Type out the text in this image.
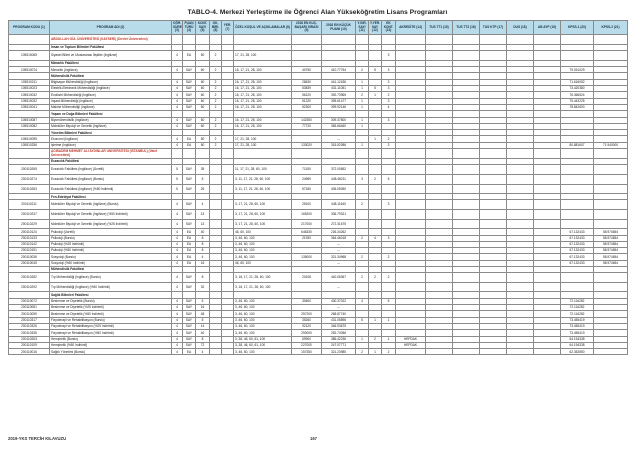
TABLO-4. Merkezi Yerleştirme ile Öğrenci Alan Yükseköğretim Lisans Programları
PROGRAM KODU (1)	PROGRAM ADI (2)	ÖĞR. SÜRE (3)	PUAN TÜRÜ (4)	KONT. SAYI (5)	OK. BİRİ. (6)	YER. (7)	ÖZEL KOŞUL VE AÇIKLAMALAR (8)	2018 EN KÜÇ. BAŞARI SIRASI (9)	2018 EN KÜÇÜK PUANI (10)	Y.GİR. SAYI (11)	Y.YER. SAY (12)	EK KONT. (13)	AKREDİTE (14)	TUS TT1 (15)	TUS TT2 (16)	TUS KTP (17)	DUS (18)	AB AYP (19)	KPSS-1 (20)	KPSS-2 (21)
	ABDULLAH GÜL ÜNİVERSİTESİ (KAYSERİ) (Devlet Üniversitesi)																			
	İnsan ve Toplum Bilimleri Fakültesi																			
105510065	Siyaset Bilimi ve Uluslararası İlişkiler (İngilizce)	4	EA	50	2		17, 21, 28, 100					3								
	Mimarlık Fakültesi																			
105510074	Mimarlık (İngilizce)	4	SAY	60	2		16, 17, 21, 28, 100	40750	410.77754	2	5	3							79.031029	
	Mühendislik Fakültesi																			
105510211	Bilgisayar Mühendisliği (İngilizce)	4	SAY	60	2		16, 17, 21, 28, 100	28630	441.12436	1		3							71.616052	
105510023	Elektrik-Elektronik Mühendisliği (İngilizce)	4	SAY	60	2		16, 17, 21, 28, 100	53839	431.11051	1	5	3							73.420380	
105510032	Endüstri Mühendisliği (İngilizce)	4	SAY	60	2		16, 17, 21, 28, 100	56120	392.73965	2	1	2							76.366524	
105510032	İnşaat Mühendisliği (İngilizce)	4	SAY	60	2		16, 17, 21, 28, 100	51220	395.61477	1		3							75.443225	
105510041	Makine Mühendisliği (İngilizce)	4	SAY	60	2		16, 17, 21, 28, 100	52300	399.92146	1		4							78.842600	
	Yaşam ve Doğa Bilimleri Fakültesi																			
105510087	Biyomühendislik (İngilizce)	4	SAY	60	2		16, 17, 21, 28, 100	142350	309.37800	1		3								
105510082	Moleküler Biyoloji ve Genetik (İngilizce)	4	SAY	60	2		16, 17, 21, 28, 100	77720	365.66460	1										
	Yönetim Bilimleri Fakültesi																			
105510095	Ekonomi (İngilizce)	4	EA	50	2		17, 21, 28, 100		---		1	2								
105510256	İşletme (İngilizce)	4	EA	60	2		17, 21, 28, 100	133020	315.52086	1		3							80.881607	71.940000
	ACIBADEM MEHMET ALİ AYDINLAR ÜNİVERSİTESİ (İSTANBUL) (Vakıf Üniversitesi)																			
	Eczacılık Fakültesi																			
200110265	Eczacılık Fakültesi (İngilizce) (Ücretli)	5	SAY	35			11, 17, 21, 28, 60, 100	71150	372.00652											
200110274	Eczacılık Fakültesi (İngilizce) (Burslu)	5	SAY	5			3, 11, 17, 21, 28, 60, 100	24969	448.48211	3	2	5								
200110283	Eczacılık Fakültesi (İngilizce) (%50 İndirimli)	5	SAY	25			3, 11, 17, 21, 28, 60, 100	57180	405.05050											
	Fen-Edebiyat Fakültesi																			
200110211	Moleküler Biyoloji ve Genetik (İngilizce) (Burslu)	4	SAY	4			3, 17, 21, 28, 60, 100	25100	448.11640	2		3								
200110237	Moleküler Biyoloji ve Genetik (İngilizce) (%50 İndirimli)	4	SAY	13			3, 17, 21, 28, 60, 100	165200	336.79321											
200110229	Moleküler Biyoloji ve Genetik (İngilizce) (%25 İndirimli)	4	SAY	13			3, 17, 21, 28, 60, 100	217000	272.31675											
200110124	Psikoloji (Ücretli)	4	EA	40			46, 60, 100	646330	226.34262										67.132433	58.974654
200110133	Psikoloji (Burslu)	4	EA	8			3, 46, 60, 100	21930	364.46018	2	4	3							67.132433	58.974654
200110142	Psikoloji (%25 İndirimli)	4	EA	8			3, 46, 60, 100		---										67.132433	58.974654
200110151	Psikoloji (%50 İndirimli)	4	EA	8			3, 46, 60, 100		---										67.132433	58.974654
200110036	Sosyoloji (Burslu)	4	EA	4			3, 46, 60, 100	135000	321.34968	2		2							67.132433	58.974654
200110045	Sosyoloji (%50 İndirimli)	4	EA	16			46, 60, 100		---										67.132433	58.974654
	Mühendislik Fakültesi																			
200110282	Tıp Mühendisliği (İngilizce) (Burslu)	4	SAY	8			3, 16, 17, 21, 28, 60, 100	20108	440.06367	2	2	2								
200110292	Tıp Mühendisliği (İngilizce) (%50 İndirimli)	4	SAY	32			3, 16, 17, 21, 28, 60, 100		---											
	Sağlık Bilimleri Fakültesi																			
200110072	Beslenme ve Diyetetik (Burslu)	4	SAY	5			3, 46, 60, 100	30600	430.37022	4		5							72.116282	
200110081	Beslenme ve Diyetetik (%25 İndirimli)	4	SAY	16			3, 46, 60, 100		---										72.116282	
200110099	Beslenme ve Diyetetik (%50 İndirimli)	4	SAY	48			3, 46, 60, 100	257200	268.87740										72.116282	
200110317	Fizyoterapi ve Rehabilitasyon (Burslu)	4	SAY	5			3, 46, 60, 100	35260	431.05896	5	1	1							73.455419	
200110326	Fizyoterapi ve Rehabilitasyon (%25 İndirimli)	4	SAY	14			3, 46, 60, 100	92120	346.93675										73.455419	
200110335	Fizyoterapi ve Rehabilitasyon (%50 İndirimli)	4	SAY	40			3, 46, 60, 100	290000	252.74056										73.455419	
200110263	Hemşirelik (Burslu)	4	SAY	8			3, 38, 46, 60, 61, 100	69900	386.42236	1	2	1	HEPDAK						64.194338	
200110109	Hemşirelik (%50 İndirimli)	4	SAY	72			3, 38, 46, 60, 61, 100	227000	247.07771				HEPDAK						64.194338	
200110016	Sağlık Yönetimi (Burslu)	4	EA	4			3, 46, 60, 100	157350	321.23985	2	1	2							62.352850	
2019-YKS TERCİH KILAVUZU	167
